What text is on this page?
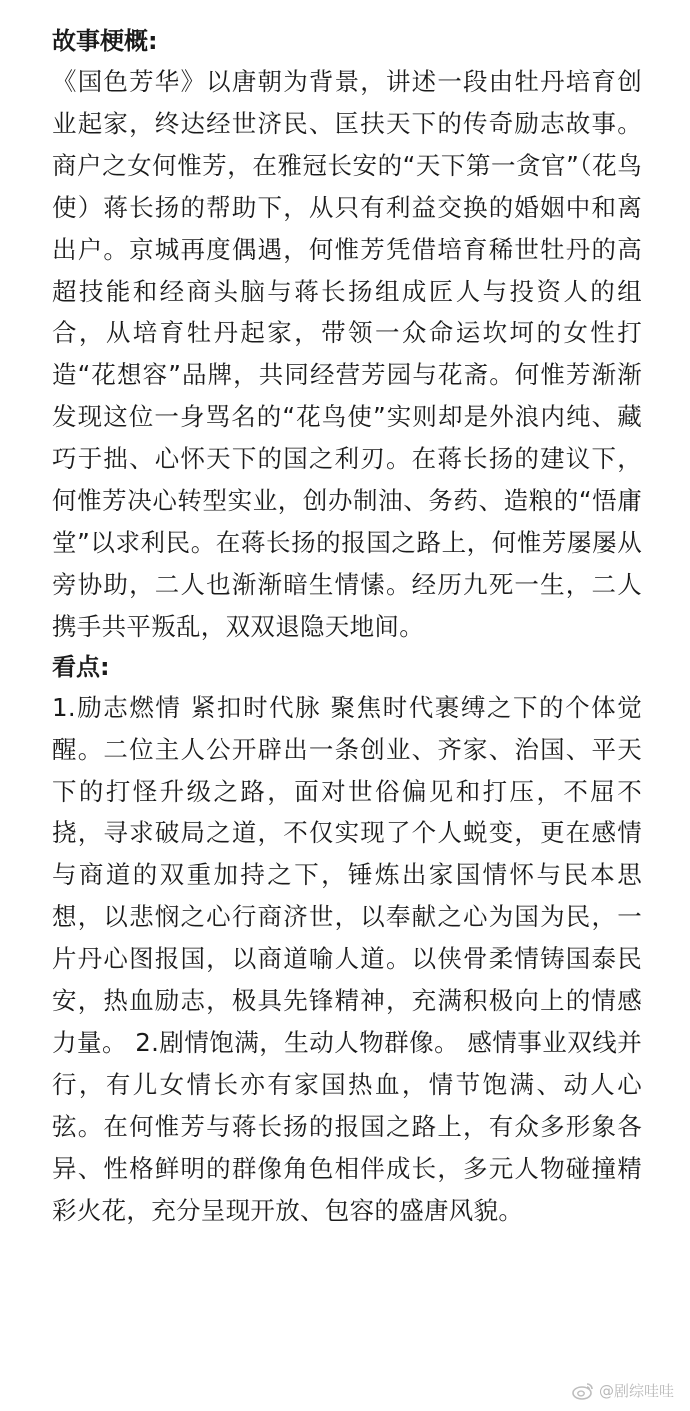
故事梗概:

《国色芳华》以唐朝为背景，讲述一段由牡丹培育创业起家，终达经世济民、匡扶天下的传奇励志故事。 商户之女何惟芳，在雅冠长安的“天下第一贪官”（花鸟使）蒋长扬的帮助下，从只有利益交换的婚姻中和离出户。京城再度偶遇，何惟芳凭借培育稀世牡丹的高超技能和经商头脑与蒋长扬组成匠人与投资人的组合，从培育牡丹起家，带领一众命运坎坷的女性打造“花想容”品牌，共同经营芳园与花斋。何惟芳渐渐发现这位一身骂名的“花鸟使”实则却是外浪内纯、藏巧于拙、心怀天下的国之利刃。在蒋长扬的建议下，何惟芳决心转型实业，创办制油、务药、造粮的“悟庸堂”以求利民。在蒋长扬的报国之路上，何惟芳屡屡从旁协助，二人也渐渐暗生情愫。经历九死一生，二人携手共平叛乱，双双退隐天地间。

看点:

1.励志燃情 紧扣时代脉 聚焦时代裹缚之下的个体觉醒。二位主人公开辟出一条创业、齐家、治国、平天下的打怪升级之路，面对世俗偏见和打压，不屈不挠，寻求破局之道，不仅实现了个人蜕变，更在感情与商道的双重加持之下，锤炼出家国情怀与民本思想，以悲悯之心行商济世，以奉献之心为国为民，一片丹心图报国，以商道喻人道。以侠骨柔情铸国泰民安，热血励志，极具先锋精神，充满积极向上的情感力量。 2.剧情饱满，生动人物群像。 感情事业双线并行，有儿女情长亦有家国热血，情节饱满、动人心弦。在何惟芳与蒋长扬的报国之路上，有众多形象各异、性格鲜明的群像角色相伴成长，多元人物碰撞精彩火花，充分呈现开放、包容的盛唐风貌。

@剧综哇哇
